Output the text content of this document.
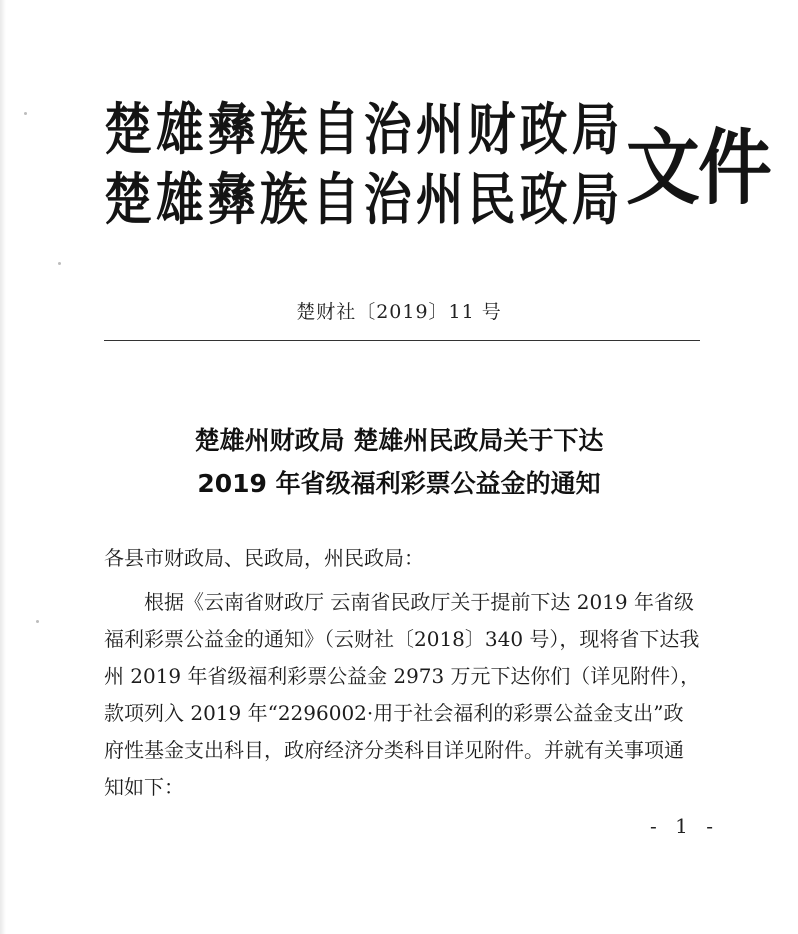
楚雄彝族自治州财政局
楚雄彝族自治州民政局 文件
楚财社〔2019〕11 号
楚雄州财政局 楚雄州民政局关于下达
2019 年省级福利彩票公益金的通知
各县市财政局、民政局，州民政局：
根据《云南省财政厅 云南省民政厅关于提前下达 2019 年省级
福利彩票公益金的通知》（云财社〔2018〕340 号），现将省下达我
州 2019 年省级福利彩票公益金 2973 万元下达你们（详见附件），
款项列入 2019 年“2296002·用于社会福利的彩票公益金支出”政
府性基金支出科目，政府经济分类科目详见附件。并就有关事项通
知如下：
- 1 -
